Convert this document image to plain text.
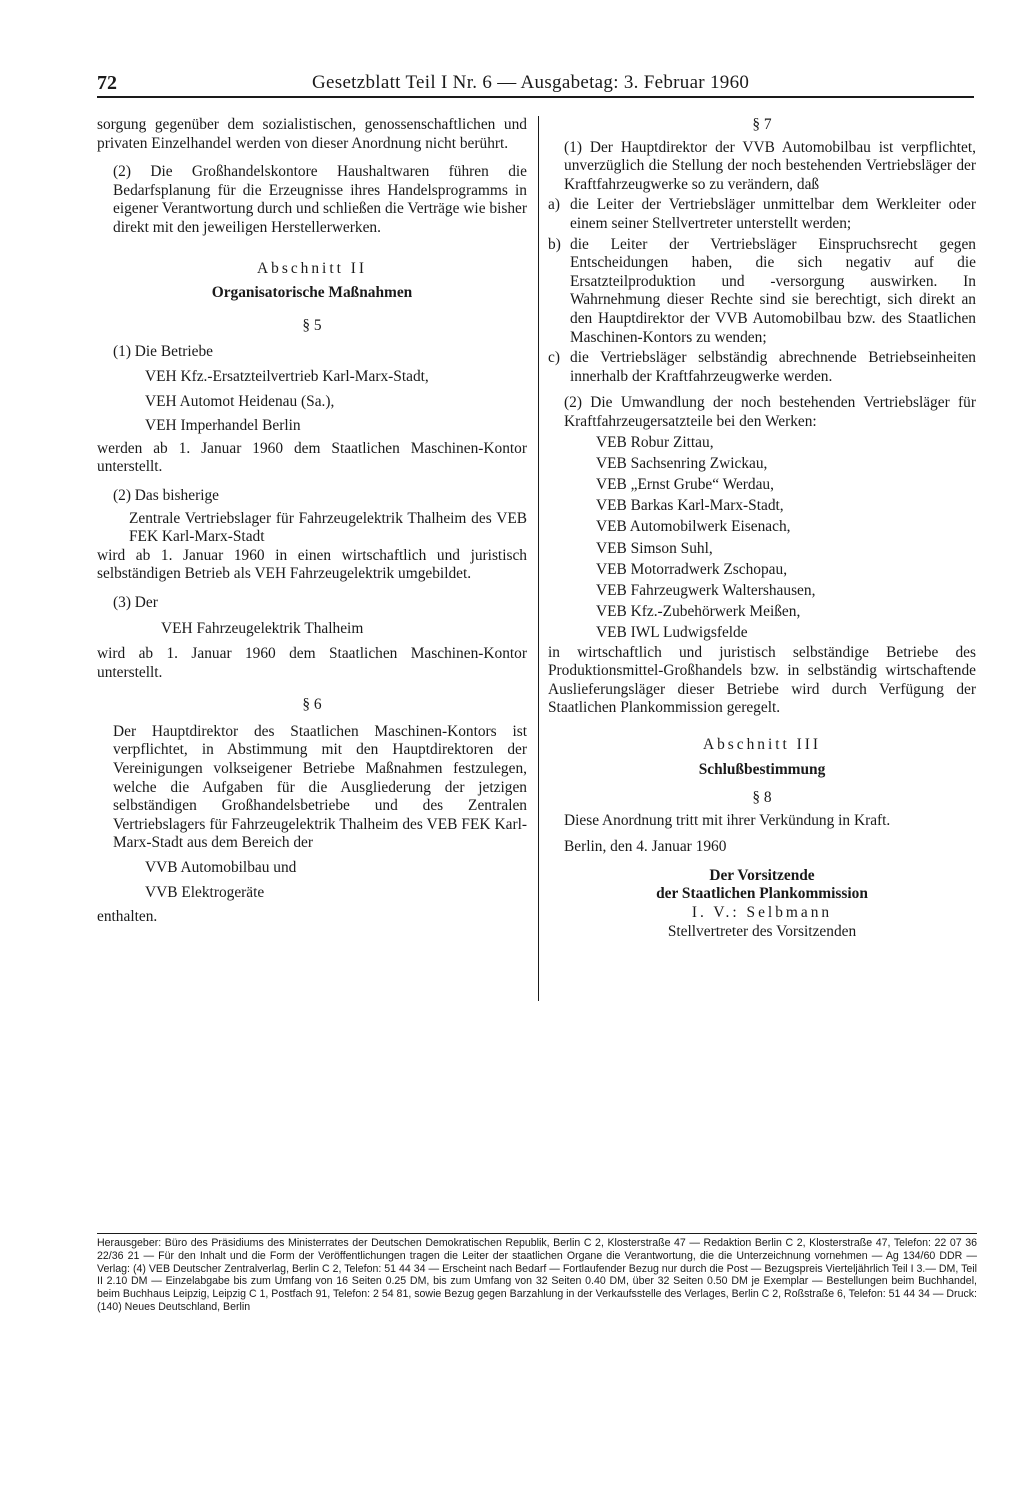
72	Gesetzblatt Teil I Nr. 6 — Ausgabetag: 3. Februar 1960

sorgung gegenüber dem sozialistischen, genossenschaftlichen und privaten Einzelhandel werden von dieser Anordnung nicht berührt.

(2) Die Großhandelskontore Haushaltwaren führen die Bedarfsplanung für die Erzeugnisse ihres Handelsprogramms in eigener Verantwortung durch und schließen die Verträge wie bisher direkt mit den jeweiligen Herstellerwerken.

Abschnitt II

Organisatorische Maßnahmen

§ 5

(1) Die Betriebe

VEH Kfz.-Ersatzteilvertrieb Karl-Marx-Stadt,

VEH Automot Heidenau (Sa.),

VEH Imperhandel Berlin

werden ab 1. Januar 1960 dem Staatlichen Maschinen-Kontor unterstellt.

(2) Das bisherige

Zentrale Vertriebslager für Fahrzeugelektrik Thalheim des VEB FEK Karl-Marx-Stadt

wird ab 1. Januar 1960 in einen wirtschaftlich und juristisch selbständigen Betrieb als VEH Fahrzeugelektrik umgebildet.

(3) Der

VEH Fahrzeugelektrik Thalheim

wird ab 1. Januar 1960 dem Staatlichen Maschinen-Kontor unterstellt.

§ 6

Der Hauptdirektor des Staatlichen Maschinen-Kontors ist verpflichtet, in Abstimmung mit den Hauptdirektoren der Vereinigungen volkseigener Betriebe Maßnahmen festzulegen, welche die Aufgaben für die Ausgliederung der jetzigen selbständigen Großhandelsbetriebe und des Zentralen Vertriebslagers für Fahrzeugelektrik Thalheim des VEB FEK Karl-Marx-Stadt aus dem Bereich der

VVB Automobilbau und

VVB Elektrogeräte

enthalten.

§ 7

(1) Der Hauptdirektor der VVB Automobilbau ist verpflichtet, unverzüglich die Stellung der noch bestehenden Vertriebsläger der Kraftfahrzeugwerke so zu verändern, daß

a) die Leiter der Vertriebsläger unmittelbar dem Werkleiter oder einem seiner Stellvertreter unterstellt werden;
b) die Leiter der Vertriebsläger Einspruchsrecht gegen Entscheidungen haben, die sich negativ auf die Ersatzteilproduktion und -versorgung auswirken. In Wahrnehmung dieser Rechte sind sie berechtigt, sich direkt an den Hauptdirektor der VVB Automobilbau bzw. des Staatlichen Maschinen-Kontors zu wenden;
c) die Vertriebsläger selbständig abrechnende Betriebseinheiten innerhalb der Kraftfahrzeugwerke werden.

(2) Die Umwandlung der noch bestehenden Vertriebsläger für Kraftfahrzeugersatzteile bei den Werken:

VEB Robur Zittau,

VEB Sachsenring Zwickau,

VEB „Ernst Grube“ Werdau,

VEB Barkas Karl-Marx-Stadt,

VEB Automobilwerk Eisenach,

VEB Simson Suhl,

VEB Motorradwerk Zschopau,

VEB Fahrzeugwerk Waltershausen,

VEB Kfz.-Zubehörwerk Meißen,

VEB IWL Ludwigsfelde

in wirtschaftlich und juristisch selbständige Betriebe des Produktionsmittel-Großhandels bzw. in selbständig wirtschaftende Auslieferungsläger dieser Betriebe wird durch Verfügung der Staatlichen Plankommission geregelt.

Abschnitt III

Schlußbestimmung

§ 8

Diese Anordnung tritt mit ihrer Verkündung in Kraft.

Berlin, den 4. Januar 1960

Der Vorsitzende

der Staatlichen Plankommission

I. V.: Selbmann

Stellvertreter des Vorsitzenden

Herausgeber: Büro des Präsidiums des Ministerrates der Deutschen Demokratischen Republik, Berlin C 2, Klosterstraße 47 — Redaktion Berlin C 2, Klosterstraße 47, Telefon: 22 07 36 22/36 21 — Für den Inhalt und die Form der Veröffentlichungen tragen die Leiter der staatlichen Organe die Verantwortung, die die Unterzeichnung vornehmen — Ag 134/60 DDR — Verlag: (4) VEB Deutscher Zentralverlag, Berlin C 2, Telefon: 51 44 34 — Erscheint nach Bedarf — Fortlaufender Bezug nur durch die Post — Bezugspreis Vierteljährlich Teil I 3.— DM, Teil II 2.10 DM — Einzelabgabe bis zum Umfang von 16 Seiten 0.25 DM, bis zum Umfang von 32 Seiten 0.40 DM, über 32 Seiten 0.50 DM je Exemplar — Bestellungen beim Buchhandel, beim Buchhaus Leipzig, Leipzig C 1, Postfach 91, Telefon: 2 54 81, sowie Bezug gegen Barzahlung in der Verkaufsstelle des Verlages, Berlin C 2, Roßstraße 6, Telefon: 51 44 34 — Druck: (140) Neues Deutschland, Berlin
